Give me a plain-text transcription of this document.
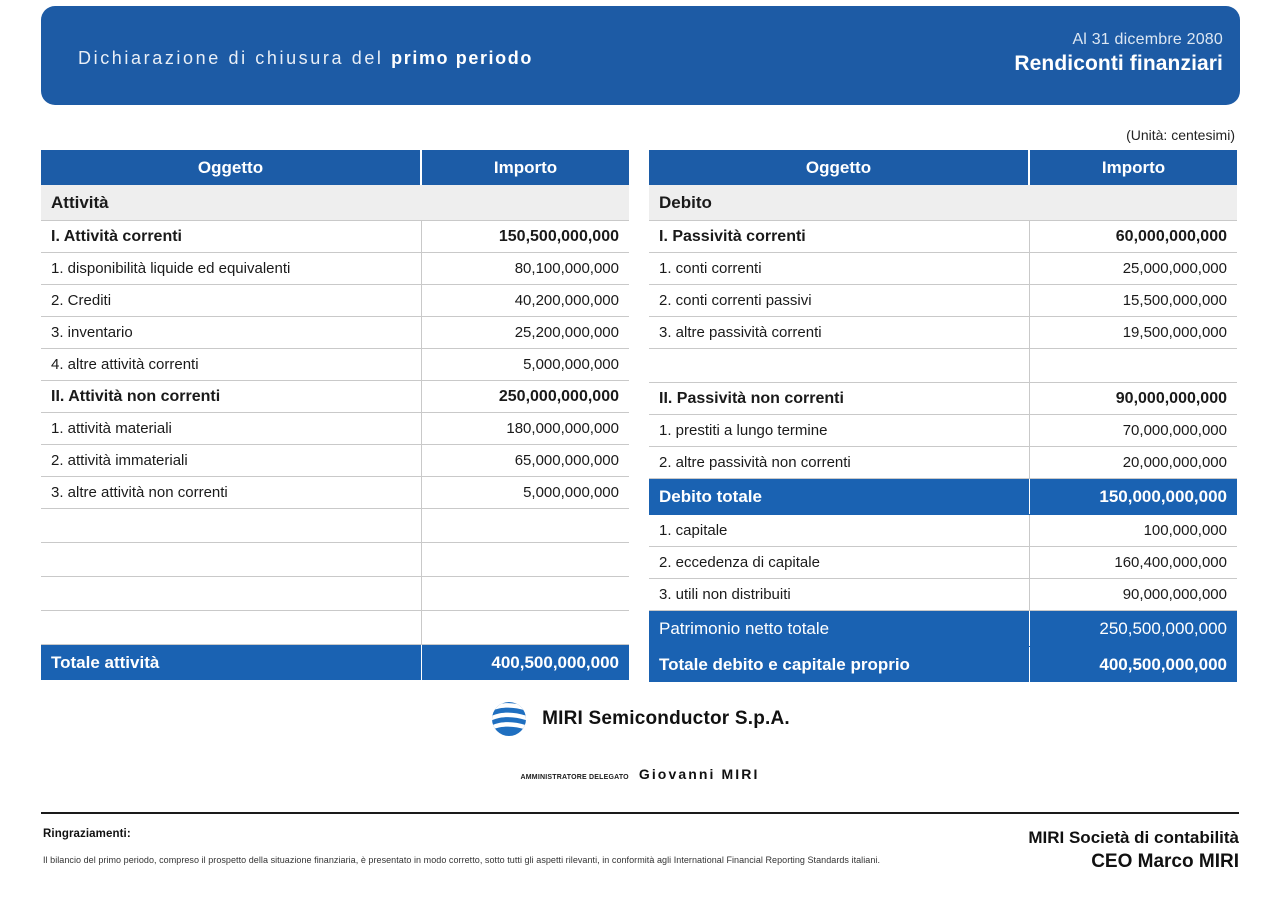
Dichiarazione di chiusura del primo periodo
Al 31 dicembre 2080
Rendiconti finanziari
(Unità: centesimi)
Oggetto	Importo
Attività	
I. Attività correnti	150,500,000,000
1. disponibilità liquide ed equivalenti	80,100,000,000
2. Crediti	40,200,000,000
3. inventario	25,200,000,000
4. altre attività correnti	5,000,000,000
II. Attività non correnti	250,000,000,000
1. attività materiali	180,000,000,000
2. attività immateriali	65,000,000,000
3. altre attività non correnti	5,000,000,000

Totale attività	400,500,000,000
Oggetto	Importo
Debito	
I. Passività correnti	60,000,000,000
1. conti correnti	25,000,000,000
2. conti correnti passivi	15,500,000,000
3. altre passività correnti	19,500,000,000

II. Passività non correnti	90,000,000,000
1. prestiti a lungo termine	70,000,000,000
2. altre passività non correnti	20,000,000,000
Debito totale	150,000,000,000
1. capitale	100,000,000
2. eccedenza di capitale	160,400,000,000
3. utili non distribuiti	90,000,000,000
Patrimonio netto totale	250,500,000,000
Totale debito e capitale proprio	400,500,000,000
MIRI Semiconductor S.p.A.
AMMINISTRATORE DELEGATO Giovanni MIRI
Ringraziamenti:
Il bilancio del primo periodo, compreso il prospetto della situazione finanziaria, è presentato in modo corretto, sotto tutti gli aspetti rilevanti, in conformità agli International Financial Reporting Standards italiani.
MIRI Società di contabilità
CEO Marco MIRI
